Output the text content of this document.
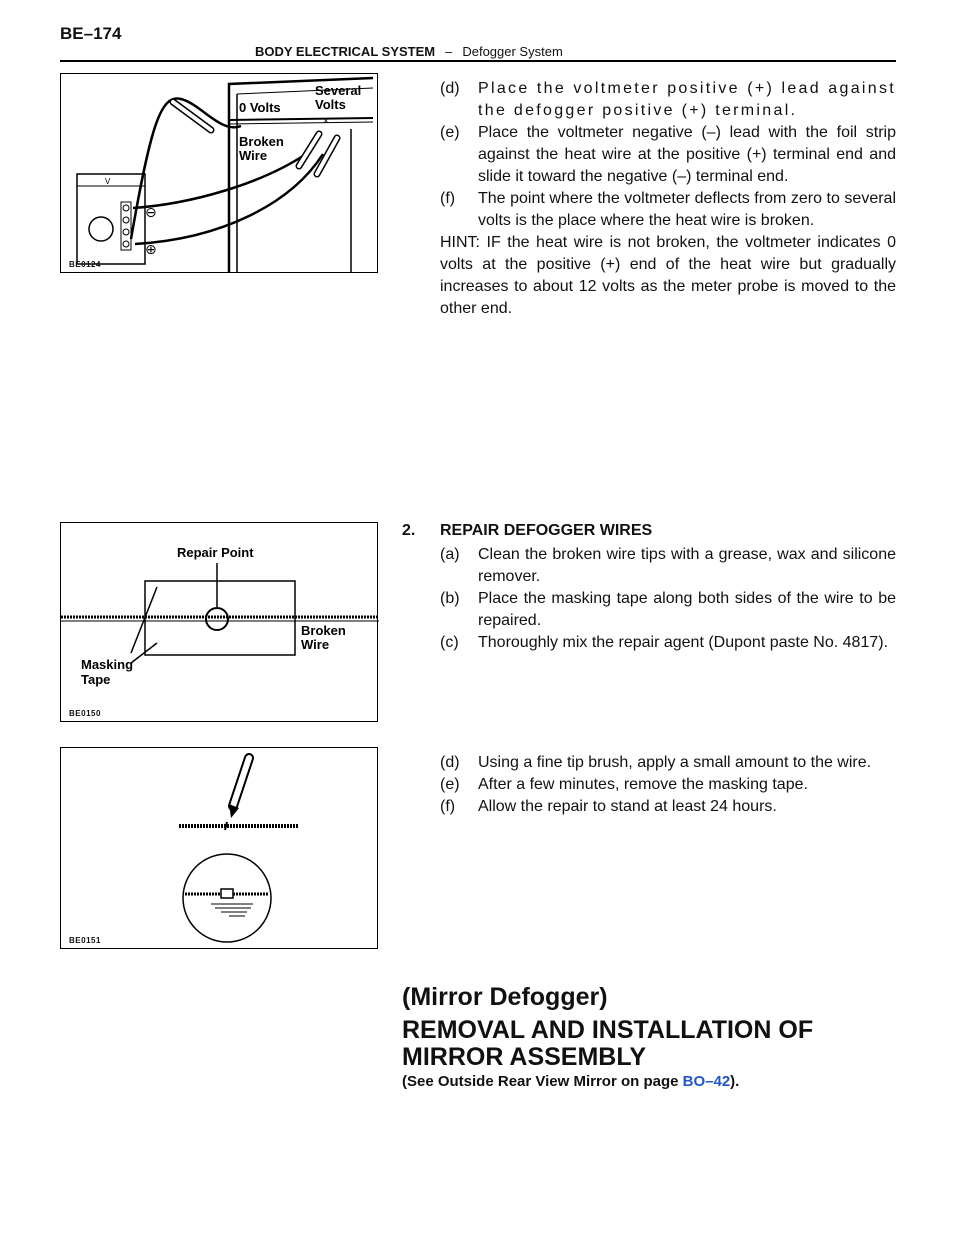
BE–174
BODY ELECTRICAL SYSTEM – Defogger System
×
V
⊖
⊕
0 Volts
Several
Volts
Broken
Wire
BE0124
(d) Place the voltmeter positive (+) lead against the defogger positive (+) terminal.
(e) Place the voltmeter negative (–) lead with the foil strip against the heat wire at the positive (+) terminal end and slide it toward the negative (–) terminal end.
(f) The point where the voltmeter deflects from zero to several volts is the place where the heat wire is broken.
HINT: IF the heat wire is not broken, the voltmeter indicates 0 volts at the positive (+) end of the heat wire but gradually increases to about 12 volts as the meter probe is moved to the other end.
Repair Point
Broken
Wire
Masking
Tape
BE0150
2. REPAIR DEFOGGER WIRES
(a) Clean the broken wire tips with a grease, wax and silicone remover.
(b) Place the masking tape along both sides of the wire to be repaired.
(c) Thoroughly mix the repair agent (Dupont paste No. 4817).
BE0151
(d) Using a fine tip brush, apply a small amount to the wire.
(e) After a few minutes, remove the masking tape.
(f) Allow the repair to stand at least 24 hours.
(Mirror Defogger)
REMOVAL AND INSTALLATION OF
MIRROR ASSEMBLY
(See Outside Rear View Mirror on page BO–42).
